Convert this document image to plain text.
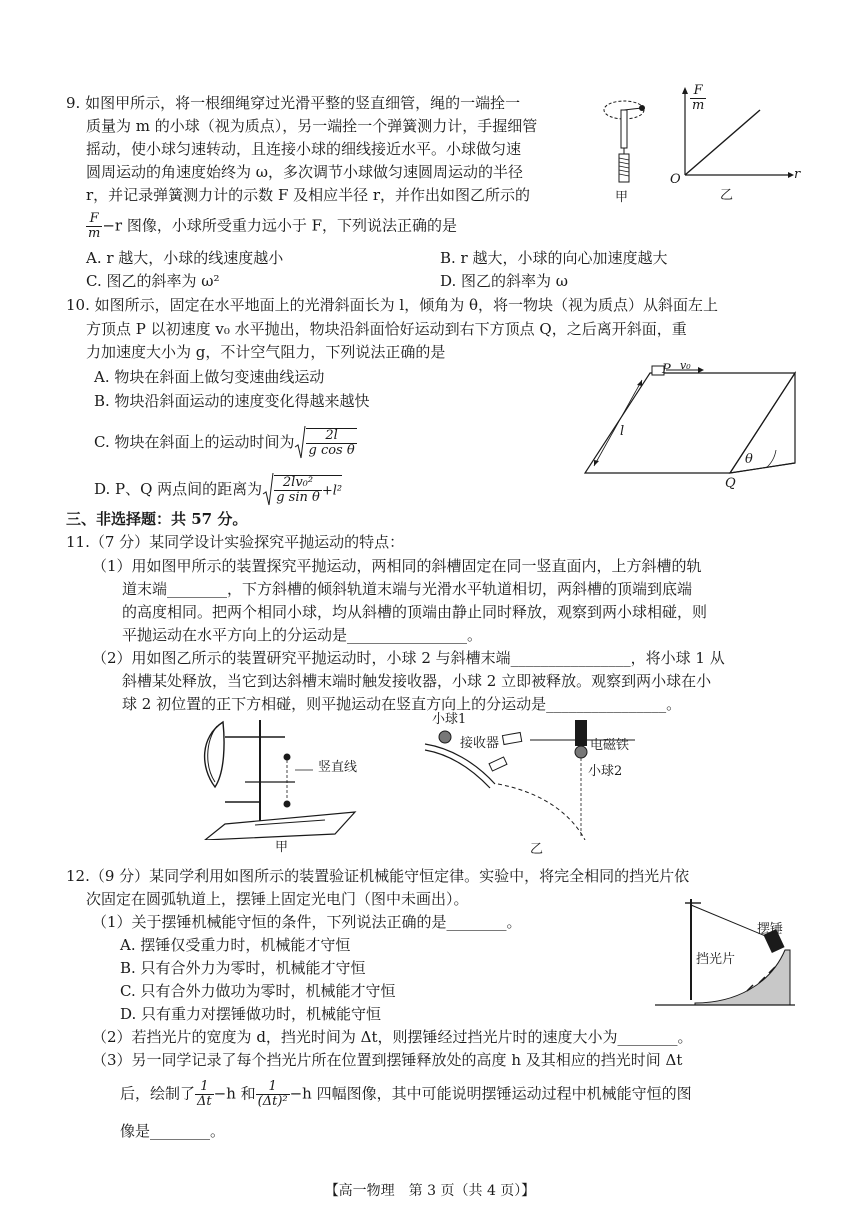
9. 如图甲所示，将一根细绳穿过光滑平整的竖直细管，绳的一端拴一
质量为 m 的小球（视为质点），另一端拴一个弹簧测力计，手握细管
摇动，使小球匀速转动，且连接小球的细线接近水平。小球做匀速
圆周运动的角速度始终为 ω，多次调节小球做匀速圆周运动的半径
r，并记录弹簧测力计的示数 F 及相应半径 r，并作出如图乙所示的
$\frac{F}{m} -r$ 图像，小球所受重力远小于 F，下列说法正确的是
A. r 越大，小球的线速度越小	B. r 越大，小球的向心加速度越大
C. 图乙的斜率为 ω²	D. 图乙的斜率为 ω
甲
$\frac{F}{m}$
O	r
乙
10. 如图所示，固定在水平地面上的光滑斜面长为 l，倾角为 θ，将一物块（视为质点）从斜面左上
方顶点 P 以初速度 v₀ 水平抛出，物块沿斜面恰好运动到右下方顶点 Q，之后离开斜面，重
力加速度大小为 g，不计空气阻力，下列说法正确的是
A. 物块在斜面上做匀变速曲线运动
B. 物块沿斜面运动的速度变化得越来越快
C. 物块在斜面上的运动时间为 $\frac{2l}{\text{g cos θ}}$
D. P、Q 两点间的距离为 $\frac{\text{2lv₀²}}{\text{g sin θ}} +l^2$
P v₀
l
θ
Q
三、非选择题：共 57 分。
11.（7 分）某同学设计实验探究平抛运动的特点：
（1）用如图甲所示的装置探究平抛运动，两相同的斜槽固定在同一竖直面内，上方斜槽的轨
道末端________，下方斜槽的倾斜轨道末端与光滑水平轨道相切，两斜槽的顶端到底端
的高度相同。把两个相同小球，均从斜槽的顶端由静止同时释放，观察到两小球相碰，则
平抛运动在水平方向上的分运动是________________。
（2）用如图乙所示的装置研究平抛运动时，小球 2 与斜槽末端________________，将小球 1 从
斜槽某处释放，当它到达斜槽末端时触发接收器，小球 2 立即被释放。观察到两小球在小
球 2 初位置的正下方相碰，则平抛运动在竖直方向上的分运动是________________。
竖直线
甲
小球1
接收器	电磁铁
小球2
乙
12.（9 分）某同学利用如图所示的装置验证机械能守恒定律。实验中，将完全相同的挡光片依
次固定在圆弧轨道上，摆锤上固定光电门（图中未画出）。
（1）关于摆锤机械能守恒的条件，下列说法正确的是________。
A. 摆锤仅受重力时，机械能才守恒
B. 只有合外力为零时，机械能才守恒
C. 只有合外力做功为零时，机械能才守恒
D. 只有重力对摆锤做功时，机械能守恒
（2）若挡光片的宽度为 d，挡光时间为 Δt，则摆锤经过挡光片时的速度大小为________。
（3）另一同学记录了每个挡光片所在位置到摆锤释放处的高度 h 及其相应的挡光时间 Δt
后，绘制了 $\frac{1}{\Delta t} -h$ 和 $\frac{1}{\text{(Δt)²}} -h$ 四幅图像，其中可能说明摆锤运动过程中机械能守恒的图
像是________。
摆锤
挡光片
【高一物理　第 3 页（共 4 页）】
